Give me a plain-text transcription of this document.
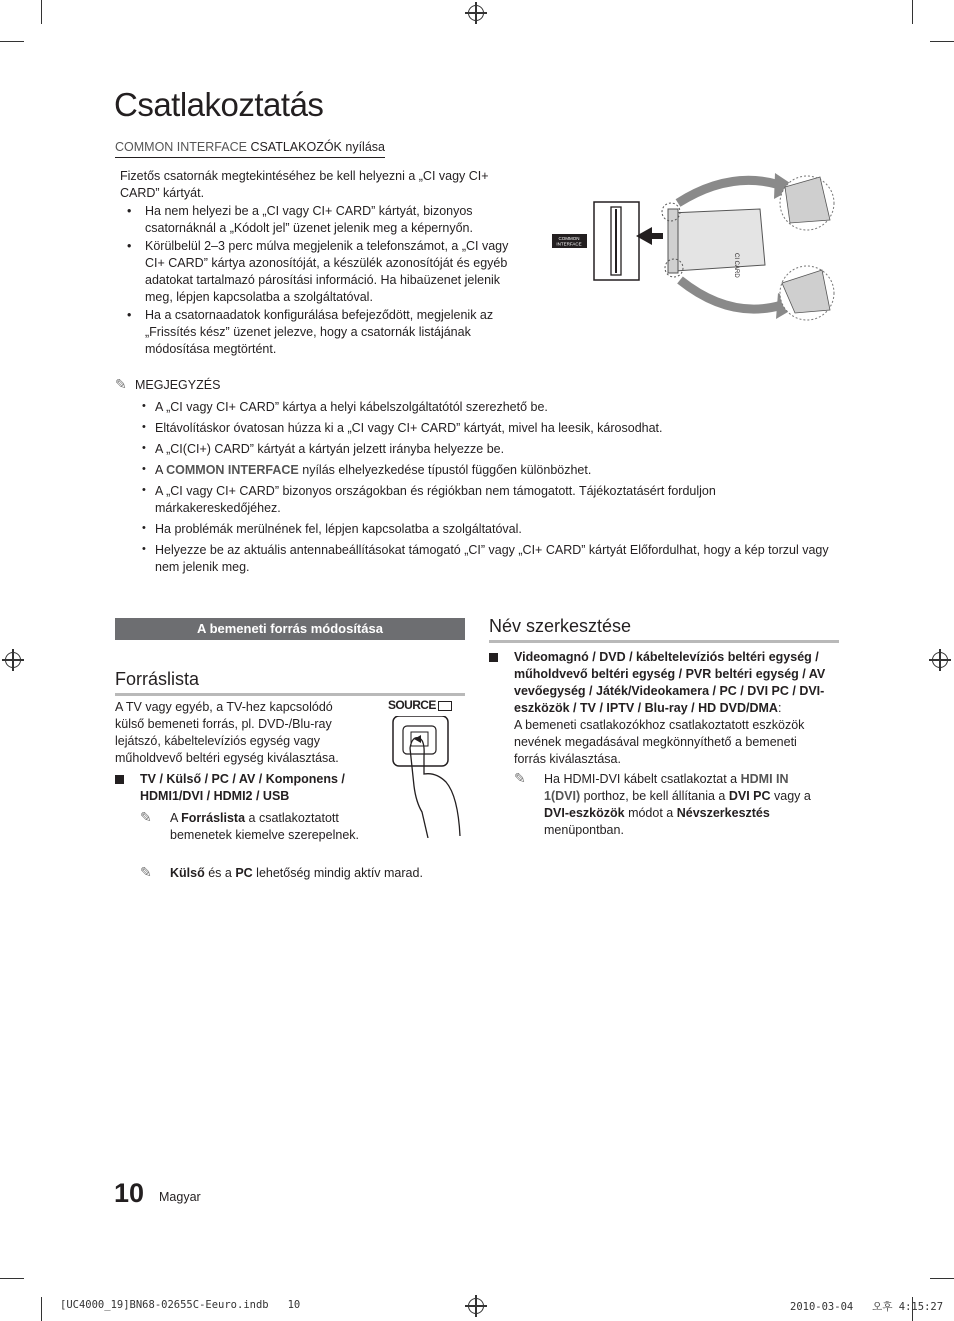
Csatlakoztatás
COMMON INTERFACE CSATLAKOZÓK nyílása
Fizetős csatornák megtekintéséhez be kell helyezni a „CI vagy CI+ CARD” kártyát.
• Ha nem helyezi be a „CI vagy CI+ CARD” kártyát, bizonyos csatornáknál a „Kódolt jel” üzenet jelenik meg a képernyőn.
• Körülbelül 2–3 perc múlva megjelenik a telefonszámot, a „CI vagy CI+ CARD” kártya azonosítóját, a készülék azonosítóját és egyéb adatokat tartalmazó párosítási információ. Ha hibaüzenet jelenik meg, lépjen kapcsolatba a szolgáltatóval.
• Ha a csatornaadatok konfigurálása befejeződött, megjelenik az „Frissítés kész” üzenet jelezve, hogy a csatornák listájának módosítása megtörtént.
COMMON
INTERFACE
CI CARD
✎ MEGJEGYZÉS
• A „CI vagy CI+ CARD” kártya a helyi kábelszolgáltatótól szerezhető be.
• Eltávolításkor óvatosan húzza ki a „CI vagy CI+ CARD” kártyát, mivel ha leesik, károsodhat.
• A „CI(CI+) CARD” kártyát a kártyán jelzett irányba helyezze be.
• A COMMON INTERFACE nyílás elhelyezkedése típustól függően különbözhet.
• A „CI vagy CI+ CARD” bizonyos országokban és régiókban nem támogatott. Tájékoztatásért forduljon márkakereskedőjéhez.
• Ha problémák merülnének fel, lépjen kapcsolatba a szolgáltatóval.
• Helyezze be az aktuális antennabeállításokat támogató „CI” vagy „CI+ CARD” kártyát Előfordulhat, hogy a kép torzul vagy nem jelenik meg.
A bemeneti forrás módosítása
Forráslista
A TV vagy egyéb, a TV-hez kapcsolódó külső bemeneti forrás, pl. DVD-/Blu-ray lejátszó, kábeltelevíziós egység vagy műholdvevő beltéri egység kiválasztása.
SOURCE
TV / Külső / PC / AV / Komponens / HDMI1/DVI / HDMI2 / USB
✎	A Forráslista a csatlakoztatott bemenetek kiemelve szerepelnek.
✎	Külső és a PC lehetőség mindig aktív marad.
Név szerkesztése
Videomagnó / DVD / kábeltelevíziós beltéri egység / műholdvevő beltéri egység / PVR beltéri egység / AV vevőegység / Játék/Videokamera / PC / DVI PC / DVI-eszközök / TV / IPTV / Blu-ray / HD DVD/DMA:
A bemeneti csatlakozókhoz csatlakoztatott eszközök nevének megadásával megkönnyíthető a bemeneti forrás kiválasztása.
✎	Ha HDMI-DVI kábelt csatlakoztat a HDMI IN 1(DVI) porthoz, be kell állítania a DVI PC vagy a DVI-eszközök módot a Névszerkesztés menüpontban.
10 Magyar
[UC4000_19]BN68-02655C-Eeuro.indb   10	2010-03-04   오후 4:15:27
